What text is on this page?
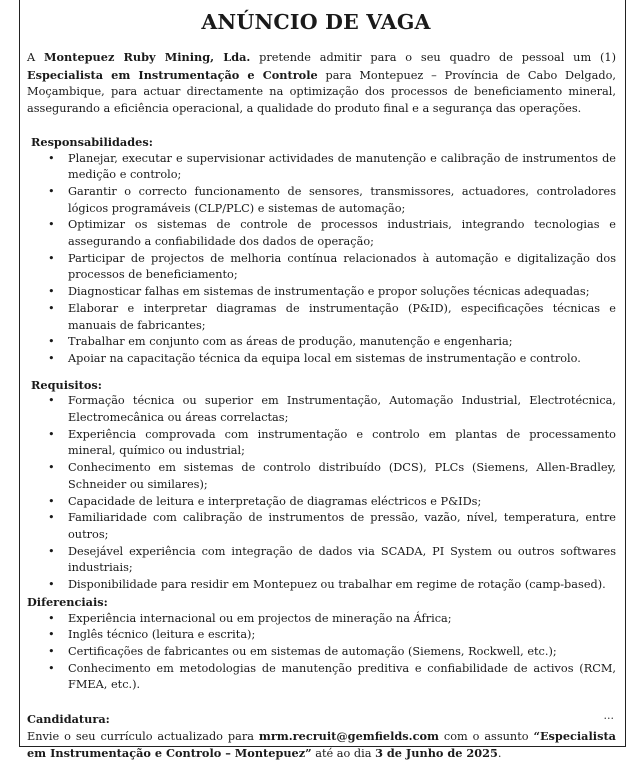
ANÚNCIO DE VAGA

A Montepuez Ruby Mining, Lda. pretende admitir para o seu quadro de pessoal um (1) Especialista em Instrumentação e Controle para Montepuez – Província de Cabo Delgado, Moçambique, para actuar directamente na optimização dos processos de beneficiamento mineral, assegurando a eficiência operacional, a qualidade do produto final e a segurança das operações.

Responsabilidades:
• Planejar, executar e supervisionar actividades de manutenção e calibração de instrumentos de medição e controlo;
• Garantir o correcto funcionamento de sensores, transmissores, actuadores, controladores lógicos programáveis (CLP/PLC) e sistemas de automação;
• Optimizar os sistemas de controle de processos industriais, integrando tecnologias e assegurando a confiabilidade dos dados de operação;
• Participar de projectos de melhoria contínua relacionados à automação e digitalização dos processos de beneficiamento;
• Diagnosticar falhas em sistemas de instrumentação e propor soluções técnicas adequadas;
• Elaborar e interpretar diagramas de instrumentação (P&ID), especificações técnicas e manuais de fabricantes;
• Trabalhar em conjunto com as áreas de produção, manutenção e engenharia;
• Apoiar na capacitação técnica da equipa local em sistemas de instrumentação e controlo.
Requisitos:
• Formação técnica ou superior em Instrumentação, Automação Industrial, Electrotécnica, Electromecânica ou áreas correlactas;
• Experiência comprovada com instrumentação e controlo em plantas de processamento mineral, químico ou industrial;
• Conhecimento em sistemas de controlo distribuído (DCS), PLCs (Siemens, Allen-Bradley, Schneider ou similares);
• Capacidade de leitura e interpretação de diagramas eléctricos e P&IDs;
• Familiaridade com calibração de instrumentos de pressão, vazão, nível, temperatura, entre outros;
• Desejável experiência com integração de dados via SCADA, PI System ou outros softwares industriais;
• Disponibilidade para residir em Montepuez ou trabalhar em regime de rotação (camp-based).
Diferenciais:
• Experiência internacional ou em projectos de mineração na África;
• Inglês técnico (leitura e escrita);
• Certificações de fabricantes ou em sistemas de automação (Siemens, Rockwell, etc.);
• Conhecimento em metodologias de manutenção preditiva e confiabilidade de activos (RCM, FMEA, etc.).
Candidatura:

Envie o seu currículo actualizado para mrm.recruit@gemfields.com com o assunto “Especialista em Instrumentação e Controlo – Montepuez” até ao dia 3 de Junho de 2025.

...
